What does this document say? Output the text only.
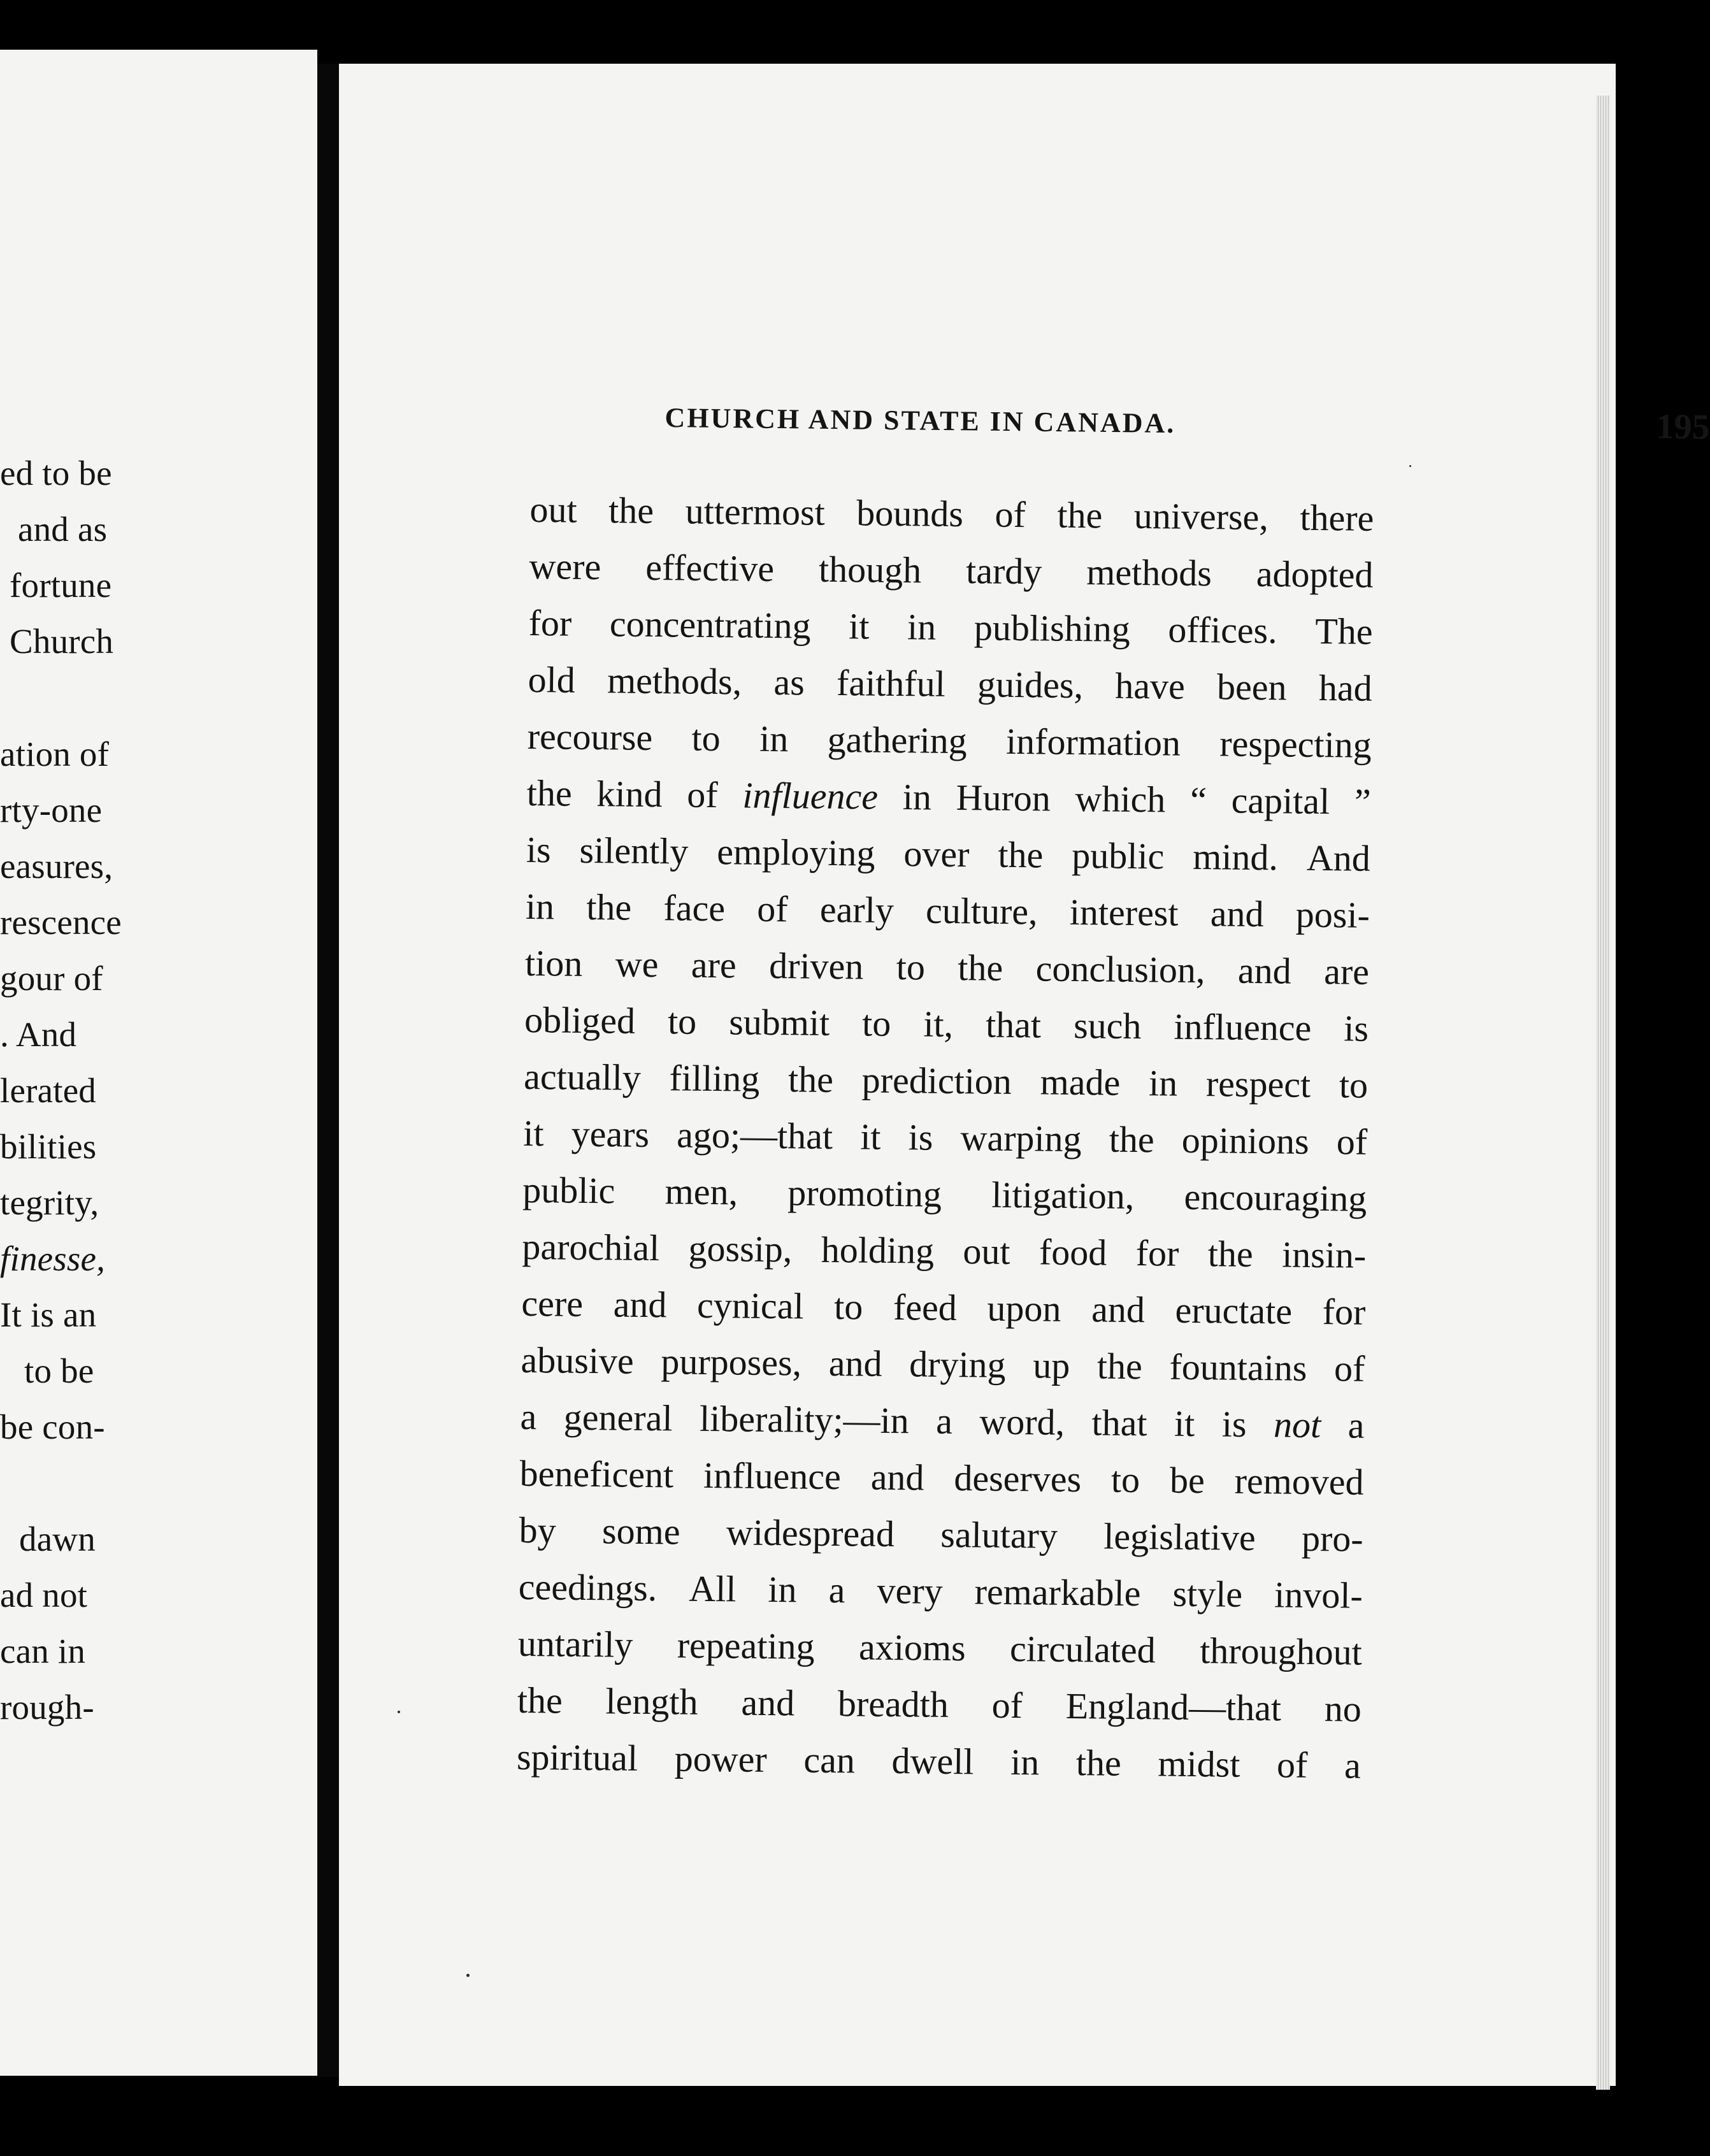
ed to be
and as
fortune
Church
ation of
rty-one
easures,
rescence
gour of
. And
lerated
bilities
tegrity,
finesse,
It is an
to be
be con-
dawn
ad not
can in
rough-
CHURCH AND STATE IN CANADA.	195
out the uttermost bounds of the universe, there
were effective though tardy methods adopted
for concentrating it in publishing offices. The
old methods, as faithful guides, have been had
recourse to in gathering information respecting
the kind of influence in Huron which “ capital ”
is silently employing over the public mind. And
in the face of early culture, interest and posi-
tion we are driven to the conclusion, and are
obliged to submit to it, that such influence is
actually filling the prediction made in respect to
it years ago;—that it is warping the opinions of
public men, promoting litigation, encouraging
parochial gossip, holding out food for the insin-
cere and cynical to feed upon and eructate for
abusive purposes, and drying up the fountains of
a general liberality;—in a word, that it is not a
beneficent influence and deserves to be removed
by some widespread salutary legislative pro-
ceedings. All in a very remarkable style invol-
untarily repeating axioms circulated throughout
the length and breadth of England—that no
spiritual power can dwell in the midst of a
